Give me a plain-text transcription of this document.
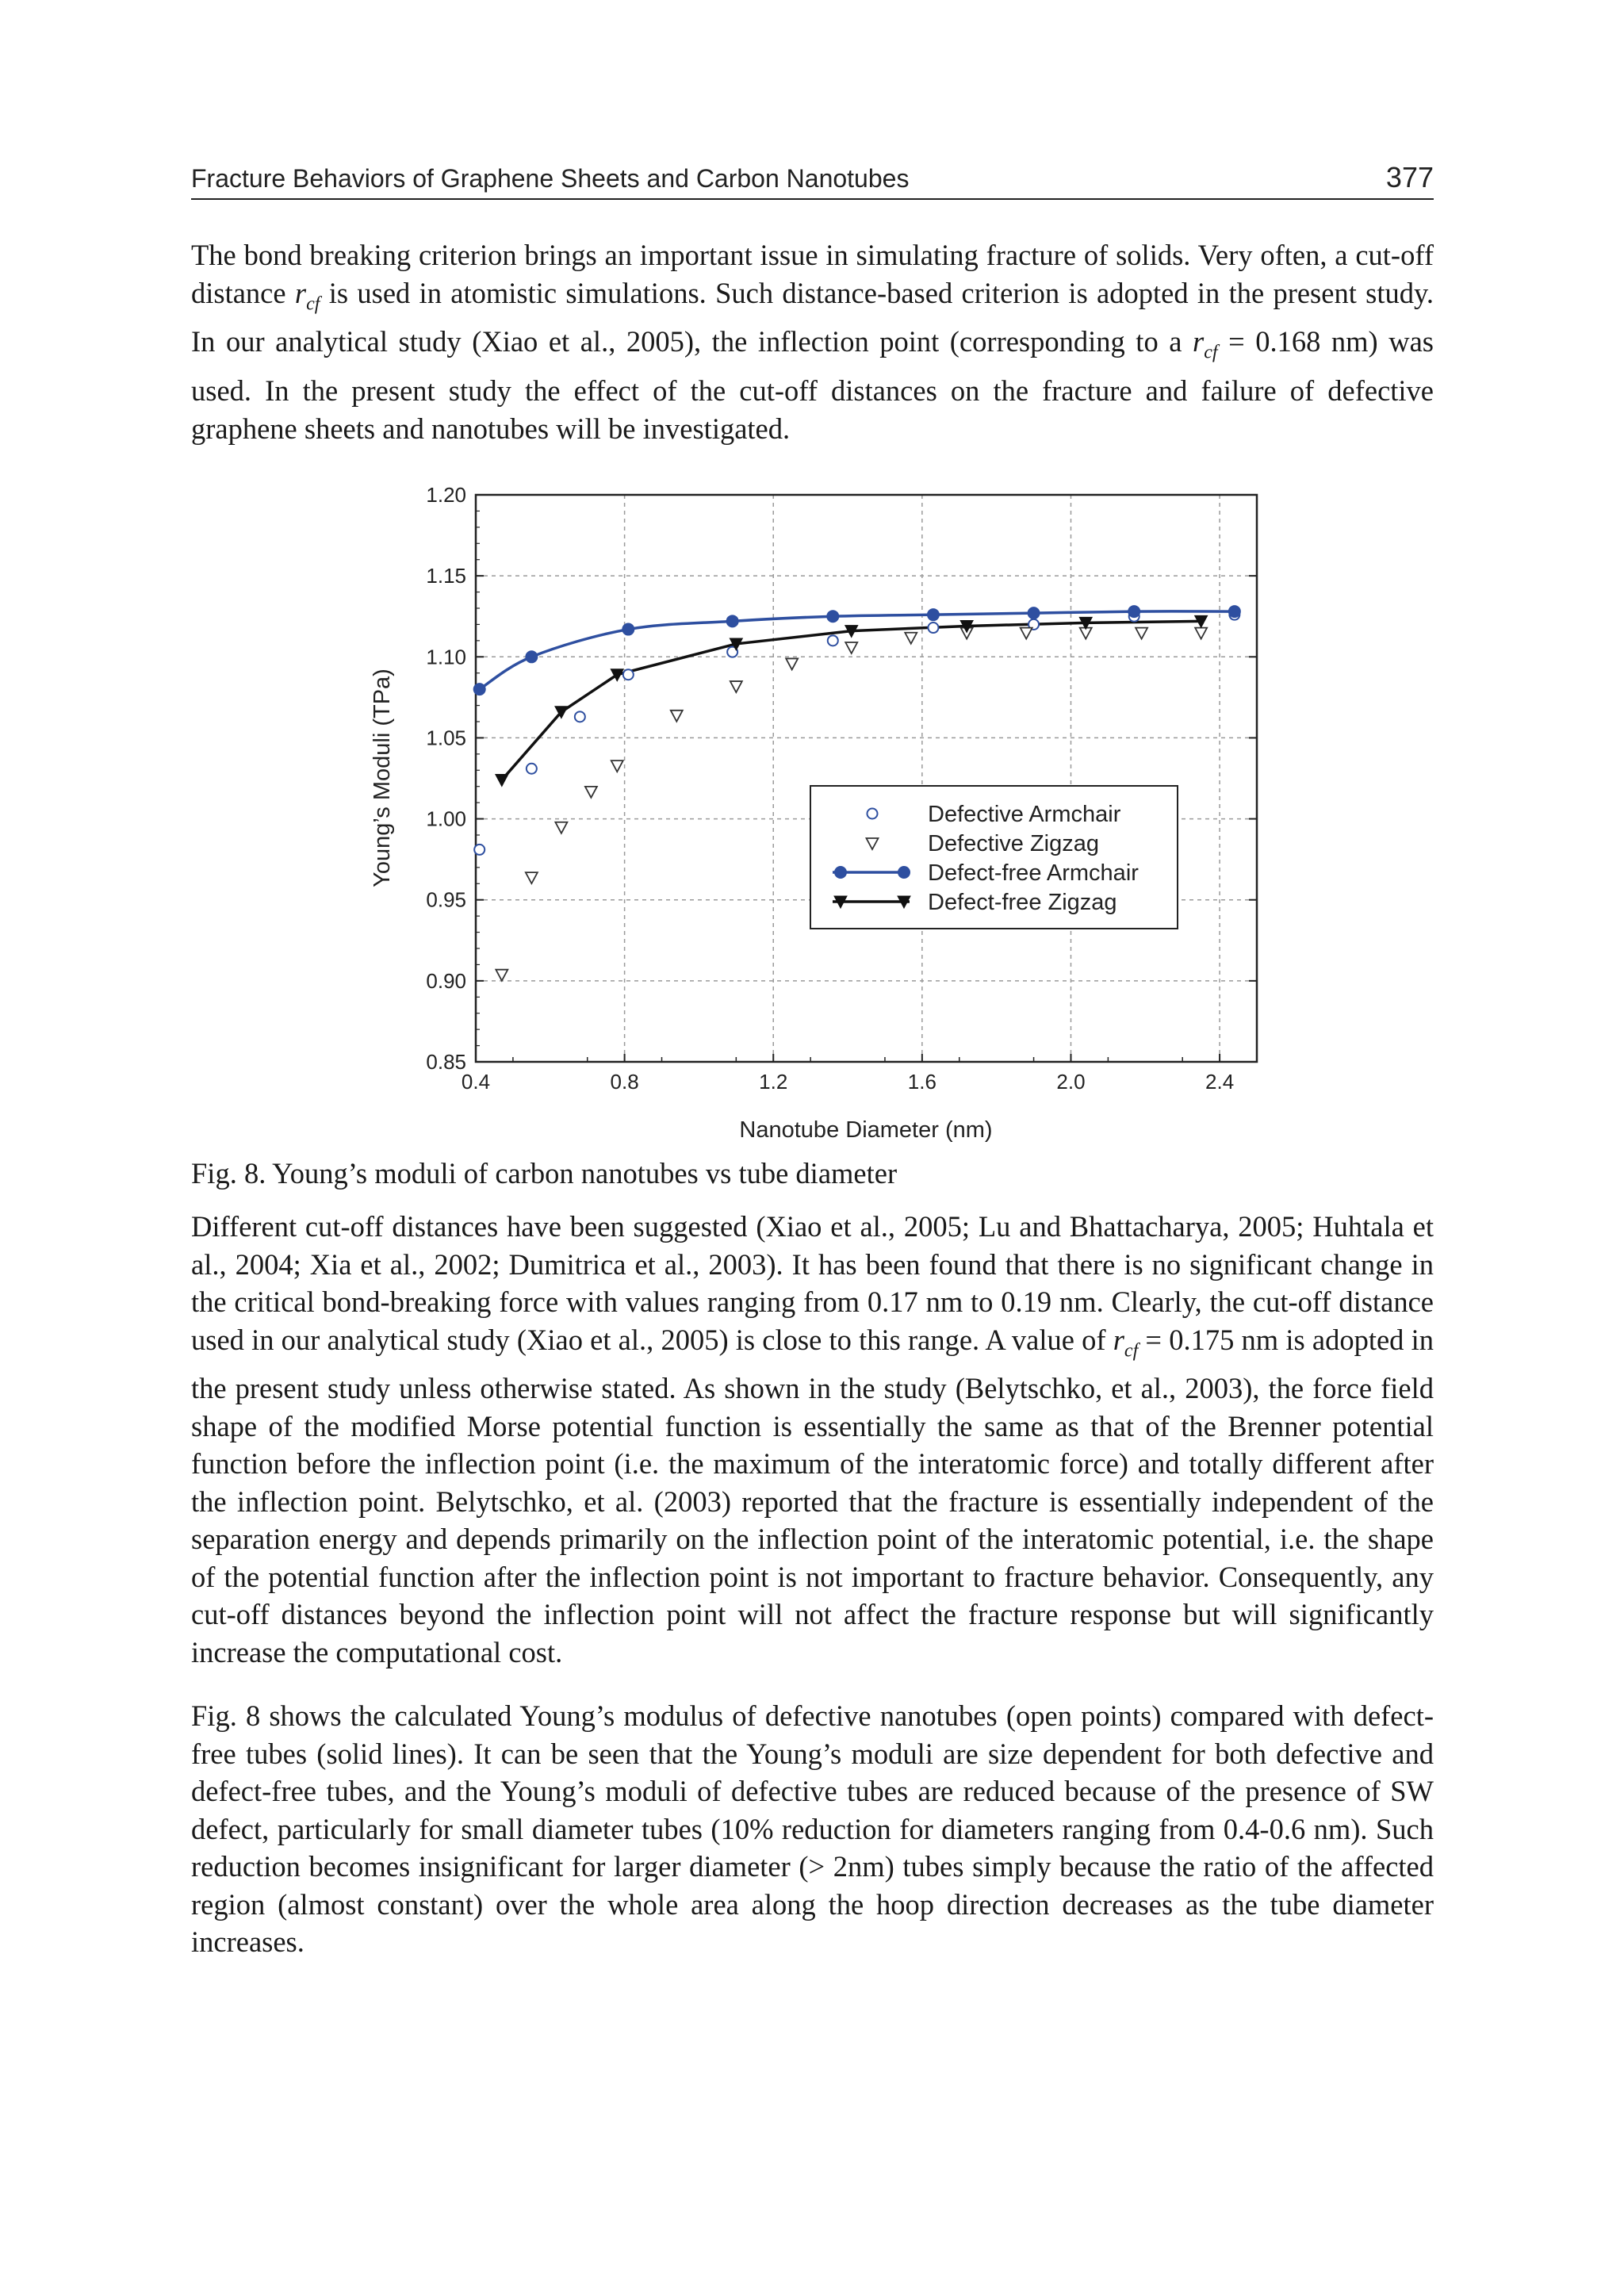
Fracture Behaviors of Graphene Sheets and Carbon Nanotubes	377

The bond breaking criterion brings an important issue in simulating fracture of solids. Very often, a cut-off distance $r_{cf}$ is used in atomistic simulations. Such distance-based criterion is adopted in the present study. In our analytical study (Xiao et al., 2005), the inflection point (corresponding to a $r_{cf} = 0.168$ nm) was used. In the present study the effect of the cut-off distances on the fracture and failure of defective graphene sheets and nanotubes will be investigated.

0.4	0.8	1.2	1.6	2.0	2.4
0.85
0.90
0.95
1.00
1.05
1.10
1.15
1.20
Defective Armchair
Defective Zigzag
Defect-free Armchair
Defect-free Zigzag
Nanotube Diameter (nm)
Young’s Moduli (TPa)
Fig. 8. Young’s moduli of carbon nanotubes vs tube diameter

Different cut-off distances have been suggested (Xiao et al., 2005; Lu and Bhattacharya, 2005; Huhtala et al., 2004; Xia et al., 2002; Dumitrica et al., 2003). It has been found that there is no significant change in the critical bond-breaking force with values ranging from 0.17 nm to 0.19 nm. Clearly, the cut-off distance used in our analytical study (Xiao et al., 2005) is close to this range. A value of $r_{cf} = 0.175$ nm is adopted in the present study unless otherwise stated. As shown in the study (Belytschko, et al., 2003), the force field shape of the modified Morse potential function is essentially the same as that of the Brenner potential function before the inflection point (i.e. the maximum of the interatomic force) and totally different after the inflection point. Belytschko, et al. (2003) reported that the fracture is essentially independent of the separation energy and depends primarily on the inflection point of the interatomic potential, i.e. the shape of the potential function after the inflection point is not important to fracture behavior. Consequently, any cut-off distances beyond the inflection point will not affect the fracture response but will significantly increase the computational cost.

Fig. 8 shows the calculated Young’s modulus of defective nanotubes (open points) compared with defect-free tubes (solid lines). It can be seen that the Young’s moduli are size dependent for both defective and defect-free tubes, and the Young’s moduli of defective tubes are reduced because of the presence of SW defect, particularly for small diameter tubes (10% reduction for diameters ranging from 0.4-0.6 nm). Such reduction becomes insignificant for larger diameter (> 2nm) tubes simply because the ratio of the affected region (almost constant) over the whole area along the hoop direction decreases as the tube diameter increases.
